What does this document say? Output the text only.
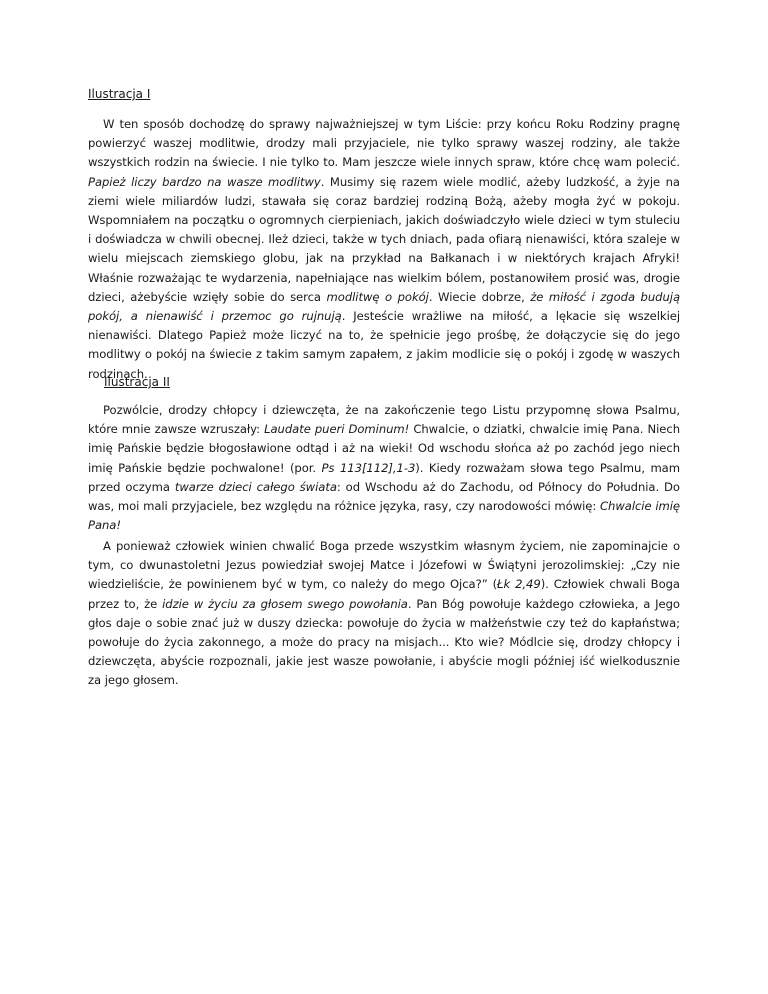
Ilustracja I

W ten sposób dochodzę do sprawy najważniejszej w tym Liście: przy końcu Roku Rodziny pragnę powierzyć waszej modlitwie, drodzy mali przyjaciele, nie tylko sprawy waszej rodziny, ale także wszystkich rodzin na świecie. I nie tylko to. Mam jeszcze wiele innych spraw, które chcę wam polecić. Papież liczy bardzo na wasze modlitwy. Musimy się razem wiele modlić, ażeby ludzkość, a żyje na ziemi wiele miliardów ludzi, stawała się coraz bardziej rodziną Bożą, ażeby mogła żyć w pokoju. Wspomniałem na początku o ogromnych cierpieniach, jakich doświadczyło wiele dzieci w tym stuleciu i doświadcza w chwili obecnej. Ileż dzieci, także w tych dniach, pada ofiarą nienawiści, która szaleje w wielu miejscach ziemskiego globu, jak na przykład na Bałkanach i w niektórych krajach Afryki! Właśnie rozważając te wydarzenia, napełniające nas wielkim bólem, postanowiłem prosić was, drogie dzieci, ażebyście wzięły sobie do serca modlitwę o pokój. Wiecie dobrze, że miłość i zgoda budują pokój, a nienawiść i przemoc go rujnują. Jesteście wrażliwe na miłość, a lękacie się wszelkiej nienawiści. Dlatego Papież może liczyć na to, że spełnicie jego prośbę, że dołączycie się do jego modlitwy o pokój na świecie z takim samym zapałem, z jakim modlicie się o pokój i zgodę w waszych rodzinach.

Ilustracja II

Pozwólcie, drodzy chłopcy i dziewczęta, że na zakończenie tego Listu przypomnę słowa Psalmu, które mnie zawsze wzruszały: Laudate pueri Dominum! Chwalcie, o dziatki, chwalcie imię Pana. Niech imię Pańskie będzie błogosławione odtąd i aż na wieki! Od wschodu słońca aż po zachód jego niech imię Pańskie będzie pochwalone! (por. Ps 113[112],1-3). Kiedy rozważam słowa tego Psalmu, mam przed oczyma twarze dzieci całego świata: od Wschodu aż do Zachodu, od Północy do Południa. Do was, moi mali przyjaciele, bez względu na różnice języka, rasy, czy narodowości mówię: Chwalcie imię Pana!

A ponieważ człowiek winien chwalić Boga przede wszystkim własnym życiem, nie zapominajcie o tym, co dwunastoletni Jezus powiedział swojej Matce i Józefowi w Świątyni jerozolimskiej: „Czy nie wiedzieliście, że powinienem być w tym, co należy do mego Ojca?” (Łk 2,49). Człowiek chwali Boga przez to, że idzie w życiu za głosem swego powołania. Pan Bóg powołuje każdego człowieka, a Jego głos daje o sobie znać już w duszy dziecka: powołuje do życia w małżeństwie czy też do kapłaństwa; powołuje do życia zakonnego, a może do pracy na misjach... Kto wie? Módlcie się, drodzy chłopcy i dziewczęta, abyście rozpoznali, jakie jest wasze powołanie, i abyście mogli później iść wielkodusznie za jego głosem.
